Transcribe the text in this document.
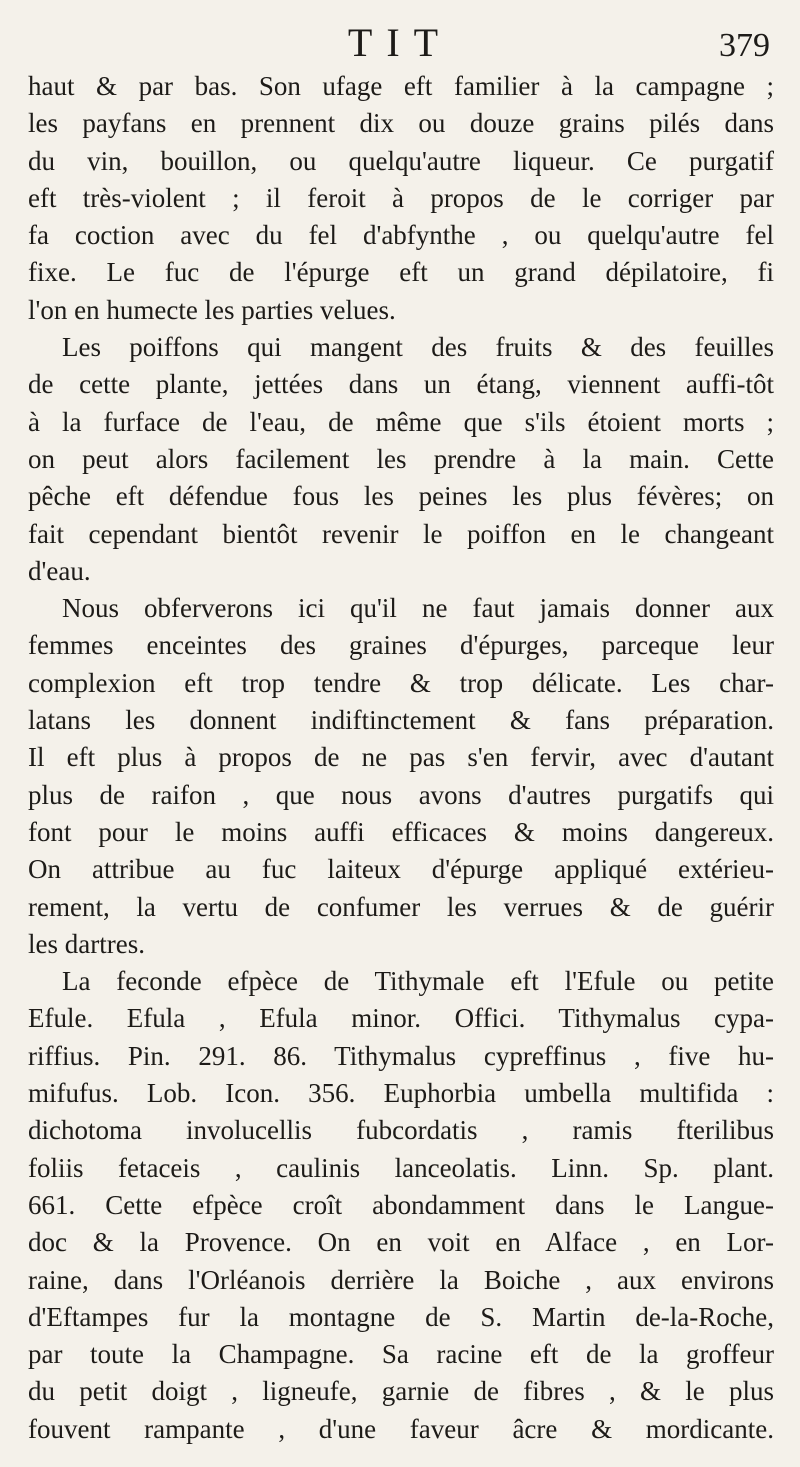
TIT	379
haut & par bas. Son ufage eft familier à la campagne ;
les payfans en prennent dix ou douze grains pilés dans
du vin, bouillon, ou quelqu'autre liqueur. Ce purgatif
eft très-violent ; il feroit à propos de le corriger par
fa coction avec du fel d'abfynthe , ou quelqu'autre fel
fixe. Le fuc de l'épurge eft un grand dépilatoire, fi
l'on en humecte les parties velues.
Les poiffons qui mangent des fruits & des feuilles
de cette plante, jettées dans un étang, viennent auffi-tôt
à la furface de l'eau, de même que s'ils étoient morts ;
on peut alors facilement les prendre à la main. Cette
pêche eft défendue fous les peines les plus févères; on
fait cependant bientôt revenir le poiffon en le changeant
d'eau.
Nous obferverons ici qu'il ne faut jamais donner aux
femmes enceintes des graines d'épurges, parceque leur
complexion eft trop tendre & trop délicate. Les char-
latans les donnent indiftinctement & fans préparation.
Il eft plus à propos de ne pas s'en fervir, avec d'autant
plus de raifon , que nous avons d'autres purgatifs qui
font pour le moins auffi efficaces & moins dangereux.
On attribue au fuc laiteux d'épurge appliqué extérieu-
rement, la vertu de confumer les verrues & de guérir
les dartres.
La feconde efpèce de Tithymale eft l'Efule ou petite
Efule. Efula , Efula minor. Offici. Tithymalus cypa-
riffius. Pin. 291. 86. Tithymalus cypreffinus , five hu-
mifufus. Lob. Icon. 356. Euphorbia umbella multifida :
dichotoma involucellis fubcordatis , ramis fterilibus
foliis fetaceis , caulinis lanceolatis. Linn. Sp. plant.
661. Cette efpèce croît abondamment dans le Langue-
doc & la Provence. On en voit en Alface , en Lor-
raine, dans l'Orléanois derrière la Boiche , aux environs
d'Eftampes fur la montagne de S. Martin de-la-Roche,
par toute la Champagne. Sa racine eft de la groffeur
du petit doigt , ligneufe, garnie de fibres , & le plus
fouvent rampante , d'une faveur âcre & mordicante.
